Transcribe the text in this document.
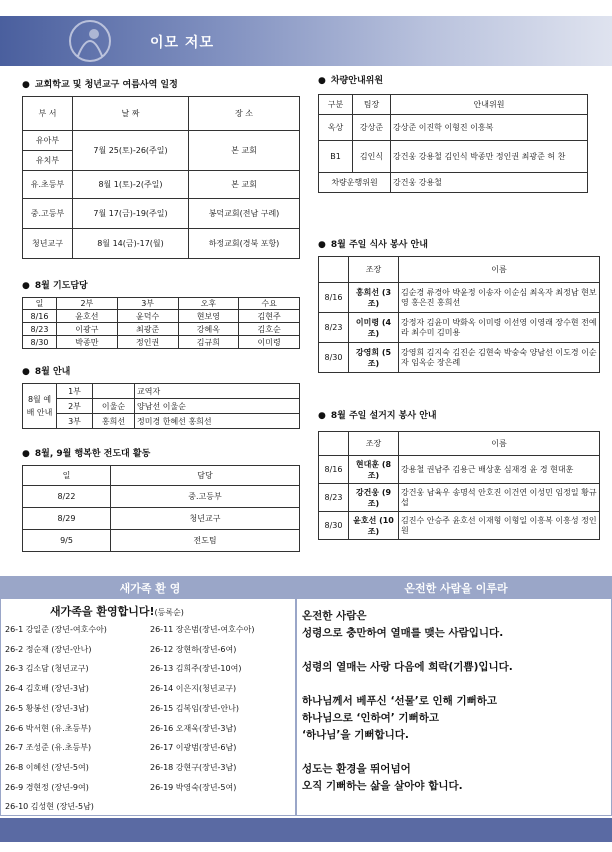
이모 저모
● 교회학교 및 청년교구 여름사역 일정
부 서	날 짜	장 소
유아부	7월 25(토)-26(주일)	본 교회
유치부		
유.초등부	8월 1(토)-2(주일)	본 교회
중.고등부	7월 17(금)-19(주일)	봉덕교회(전남 구례)
청년교구	8월 14(금)-17(월)	하정교회(경북 포항)
● 8월 기도담당
일	2부	3부	오후	수요
8/16	윤호선	윤덕수	현보영	김현주
8/23	이광구	최광준	강혜옥	김호순
8/30	박종만	정인권	김규희	이미령
● 8월 안내
8월 예배 안내	1부		교역자
	2부	이울순	양남선 이울순
	3부	홍희선	정미경 한혜선 홍희선
● 8월, 9월 행복한 전도대 활동
일	담당
8/22	중.고등부
8/29	청년교구
9/5	전도팀
● 차량안내위원
구분	팀장	안내위원
옥상	강상준	강상준 이진학 이형진 이흥복
B1	김인식	강건웅 강용철 김인식 박종만 정인권 최광준 허 찬
차량운행위원		강건웅 강용철
● 8월 주일 식사 봉사 안내
	조장	이름
8/16	홍희선 (3조)	김순경 류경아 박윤정 이송자 이순심 최옥자 최정남 현보영 홍은진 홍희선
8/23	이미령 (4조)	강정자 김윤미 박화옥 이미령 이선영 이영래 장수현 전예라 최수미 김미용
8/30	강영희 (5조)	강영희 김지숙 김진순 김현숙 박숭숙 양남선 이도경 이순자 임옥순 장은례
● 8월 주일 설거지 봉사 안내
	조장	이름
8/16	현대훈 (8조)	강용철 권남주 김용근 배상훈 심재경 윤 경 현대훈
8/23	강건웅 (9조)	강건웅 남육우 송명석 안호진 이건연 이성민 임정일 황규섭
8/30	윤호선 (10조)	김진수 안승주 윤호선 이재형 이형일 이흥복 이흥성 정인원
새가족 환 영	온전한 사람을 이루라
새가족을 환영합니다!(등록순)
26-1 강일준 (장년-여호수아)
26-2 정순재 (장년-안나)
26-3 김소담 (청년교구)
26-4 김호배 (장년-3남)
26-5 황봉선 (장년-3남)
26-6 박서현 (유.초등부)
26-7 조성준 (유.초등부)
26-8 이혜선 (장년-5여)
26-9 경현정 (장년-9여)
26-10 김성현 (장년-5남)
26-11 장은범(장년-여호수아)
26-12 장현하(장년-6여)
26-13 김희주(장년-10여)
26-14 이은지(청년교구)
26-15 김복임(장년-안나)
26-16 오재욱(장년-3남)
26-17 이광범(장년-6남)
26-18 강현구(장년-3남)
26-19 박영숙(장년-5여)

온전한 사람은

성령으로 충만하여 열매를 맺는 사람입니다.

성령의 열매는 사랑 다음에 희락(기쁨)입니다.

하나님께서 베푸신 ‘선물’로 인해 기뻐하고

하나님으로 ‘인하여’ 기뻐하고

‘하나님’을 기뻐합니다.

성도는 환경을 뛰어넘어

오직 기뻐하는 삶을 살아야 합니다.
